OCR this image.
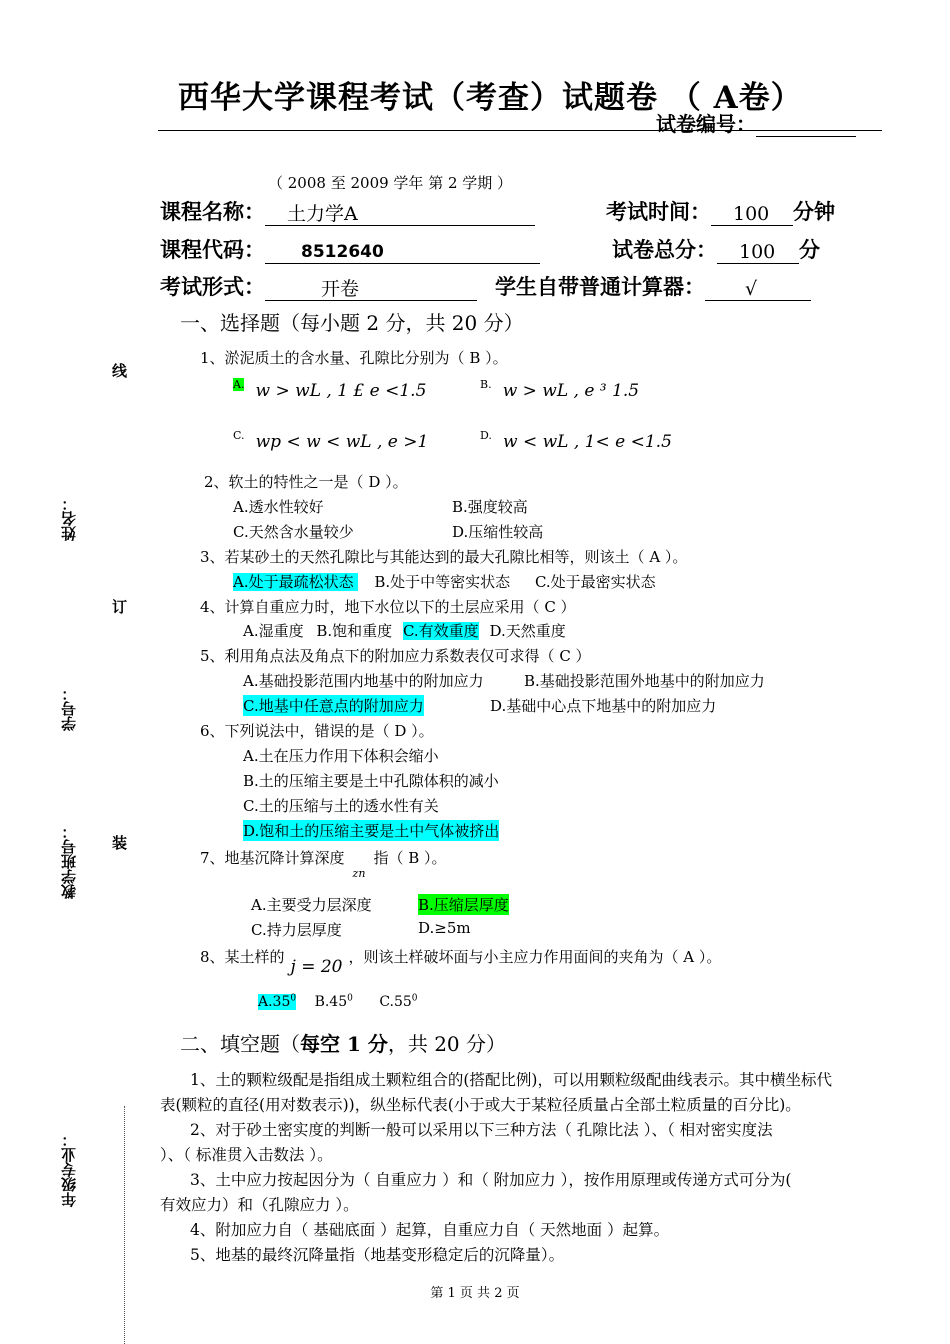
西华大学课程考试（考查）试题卷 （ A卷）
试卷编号：
（ 2008 至 2009 学年 第 2 学期 ）
课程名称： 土力学A	考试时间： 100 分钟
课程代码： 8512640	试卷总分： 100 分
考试形式：	开卷	学生自带普通计算器： √
线
姓名：
订
学号：
教学班号： 装
年级专业：
一、选择题（每小题 2 分，共 20 分）
1、淤泥质土的含水量、孔隙比分别为（ B ）。
A. w > wL , 1 £ e <1.5	B. w > wL , e ³ 1.5
C. wp < w < wL , e >1	D. w < wL , 1< e <1.5
2、软土的特性之一是（ D ）。
A.透水性较好	B.强度较高
C.天然含水量较少	D.压缩性较高
3、若某砂土的天然孔隙比与其能达到的最大孔隙比相等，则该土（ A ）。
A.处于最疏松状态 B.处于中等密实状态 C.处于最密实状态
4、计算自重应力时，地下水位以下的土层应采用（ C ）
A.湿重度 B.饱和重度 C.有效重度 D.天然重度
5、利用角点法及角点下的附加应力系数表仅可求得（ C ）
A.基础投影范围内地基中的附加应力	B.基础投影范围外地基中的附加应力
C.地基中任意点的附加应力	D.基础中心点下地基中的附加应力
6、下列说法中，错误的是（ D ）。
A.土在压力作用下体积会缩小
B.土的压缩主要是土中孔隙体积的减小
C.土的压缩与土的透水性有关
D.饱和土的压缩主要是土中气体被挤出
7、地基沉降计算深度$_{zn}$指（ B ）。
A.主要受力层深度	B.压缩层厚度
C.持力层厚度	D.≥5m
8、某土样的 j = 20 ，则该土样破坏面与小主应力作用面间的夹角为（ A ）。
$A.35^0$ $B.45^0$ $C.55^0$
二、填空题（每空 1 分，共 20 分）
1、土的颗粒级配是指组成土颗粒组合的(搭配比例)，可以用颗粒级配曲线表示。其中横坐标代
表(颗粒的直径(用对数表示))，纵坐标代表(小于或大于某粒径质量占全部土粒质量的百分比)。
2、对于砂土密实度的判断一般可以采用以下三种方法（ 孔隙比法 ）、（ 相对密实度法
）、（ 标准贯入击数法 ）。
3、土中应力按起因分为（ 自重应力 ）和（ 附加应力 ），按作用原理或传递方式可分为(
有效应力）和（孔隙应力 ）。
4、附加应力自（ 基础底面 ）起算，自重应力自（ 天然地面 ）起算。
5、地基的最终沉降量指（地基变形稳定后的沉降量）。
第 1 页 共 2 页
